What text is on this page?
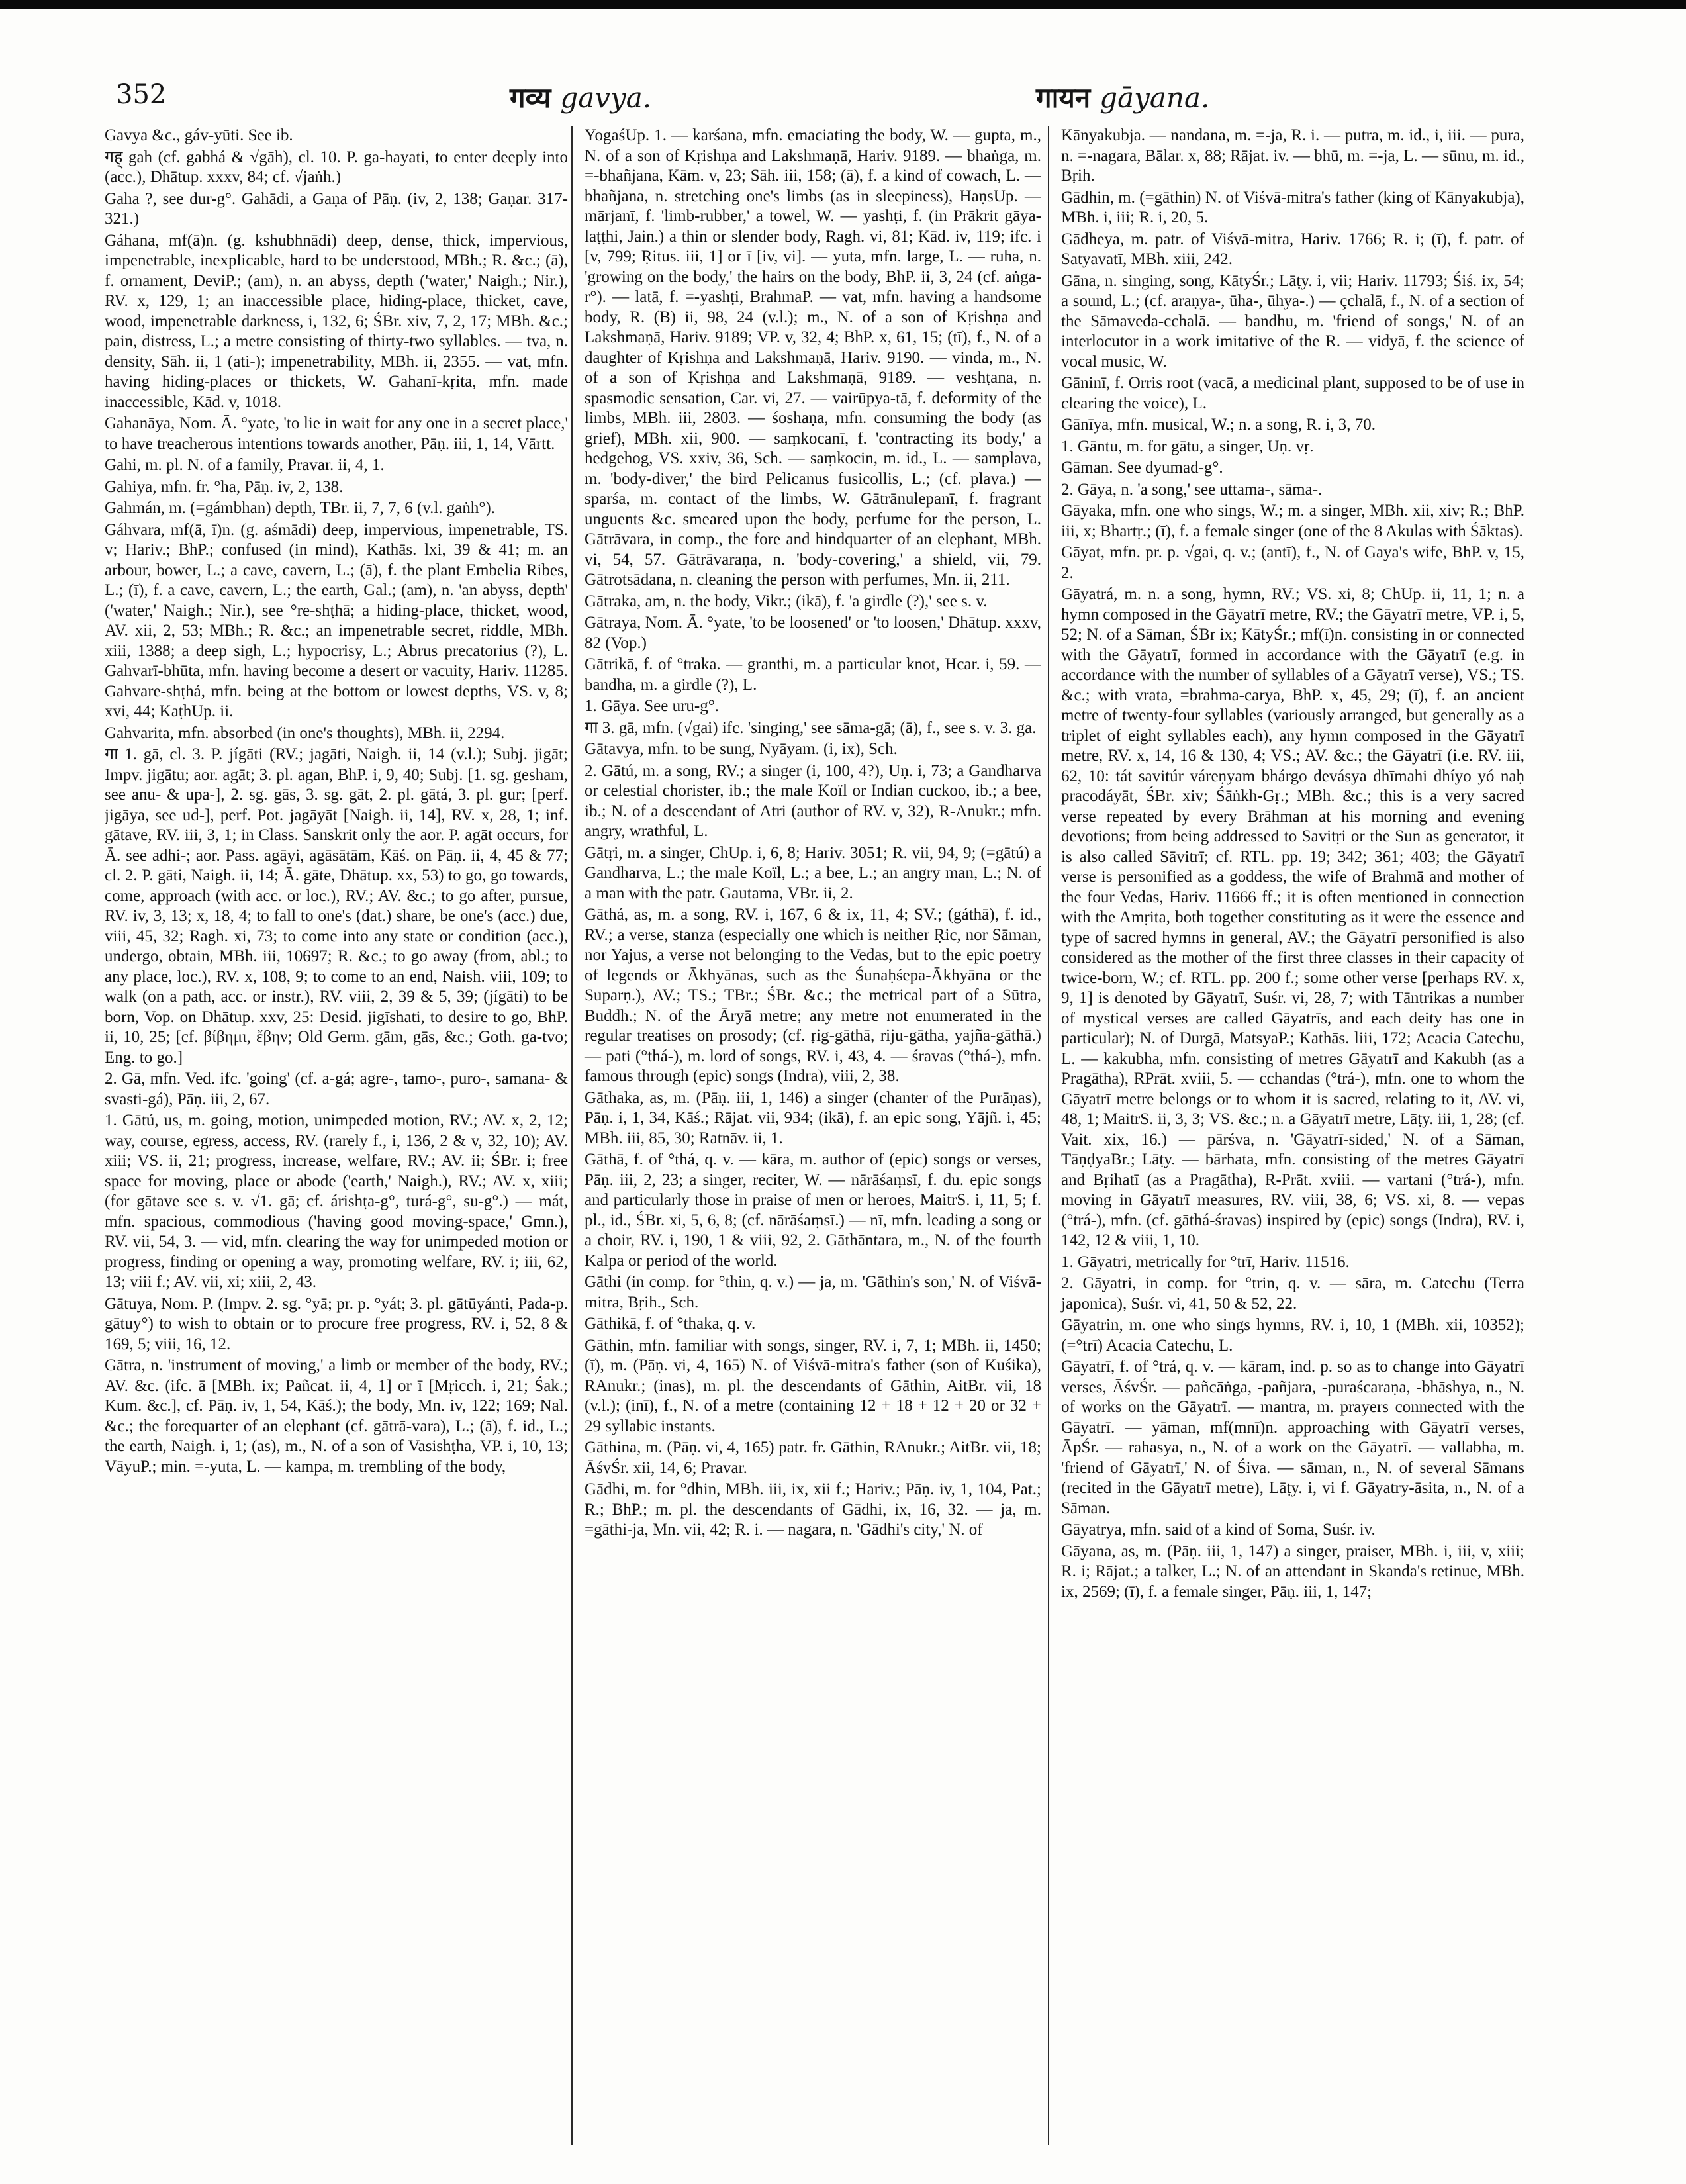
352	गव्य gavya.	गायन gāyana.

Gavya &c., gáv-yūti. See ib.

गह् gah (cf. gabhá & √gāh), cl. 10. P. ga-hayati, to enter deeply into (acc.), Dhātup. xxxv, 84; cf. √jaṅh.)

Gaha ?, see dur-g°. Gahādi, a Gaṇa of Pāṇ. (iv, 2, 138; Gaṇar. 317-321.)

Gáhana, mf(ā)n. (g. kshubhnādi) deep, dense, thick, impervious, impenetrable, inexplicable, hard to be understood, MBh.; R. &c.; (ā), f. ornament, DeviP.; (am), n. an abyss, depth ('water,' Naigh.; Nir.), RV. x, 129, 1; an inaccessible place, hiding-place, thicket, cave, wood, impenetrable darkness, i, 132, 6; ŚBr. xiv, 7, 2, 17; MBh. &c.; pain, distress, L.; a metre consisting of thirty-two syllables. — tva, n. density, Sāh. ii, 1 (ati-); impenetrability, MBh. ii, 2355. — vat, mfn. having hiding-places or thickets, W. Gahanī-kṛita, mfn. made inaccessible, Kād. v, 1018.

Gahanāya, Nom. Ā. °yate, 'to lie in wait for any one in a secret place,' to have treacherous intentions towards another, Pāṇ. iii, 1, 14, Vārtt.

Gahi, m. pl. N. of a family, Pravar. ii, 4, 1.

Gahiya, mfn. fr. °ha, Pāṇ. iv, 2, 138.

Gahmán, m. (=gámbhan) depth, TBr. ii, 7, 7, 6 (v.l. gaṅh°).

Gáhvara, mf(ā, ī)n. (g. aśmādi) deep, impervious, impenetrable, TS. v; Hariv.; BhP.; confused (in mind), Kathās. lxi, 39 & 41; m. an arbour, bower, L.; a cave, cavern, L.; (ā), f. the plant Embelia Ribes, L.; (ī), f. a cave, cavern, L.; the earth, Gal.; (am), n. 'an abyss, depth' ('water,' Naigh.; Nir.), see °re-shṭhā; a hiding-place, thicket, wood, AV. xii, 2, 53; MBh.; R. &c.; an impenetrable secret, riddle, MBh. xiii, 1388; a deep sigh, L.; hypocrisy, L.; Abrus precatorius (?), L. Gahvarī-bhūta, mfn. having become a desert or vacuity, Hariv. 11285. Gahvare-shṭhá, mfn. being at the bottom or lowest depths, VS. v, 8; xvi, 44; KaṭhUp. ii.

Gahvarita, mfn. absorbed (in one's thoughts), MBh. ii, 2294.

गा 1. gā, cl. 3. P. jígāti (RV.; jagāti, Naigh. ii, 14 (v.l.); Subj. jigāt; Impv. jigātu; aor. agāt; 3. pl. agan, BhP. i, 9, 40; Subj. [1. sg. gesham, see anu- & upa-], 2. sg. gās, 3. sg. gāt, 2. pl. gātá, 3. pl. gur; [perf. jigāya, see ud-], perf. Pot. jagāyāt [Naigh. ii, 14], RV. x, 28, 1; inf. gātave, RV. iii, 3, 1; in Class. Sanskrit only the aor. P. agāt occurs, for Ā. see adhi-; aor. Pass. agāyi, agāsātām, Kāś. on Pāṇ. ii, 4, 45 & 77; cl. 2. P. gāti, Naigh. ii, 14; Ā. gāte, Dhātup. xx, 53) to go, go towards, come, approach (with acc. or loc.), RV.; AV. &c.; to go after, pursue, RV. iv, 3, 13; x, 18, 4; to fall to one's (dat.) share, be one's (acc.) due, viii, 45, 32; Ragh. xi, 73; to come into any state or condition (acc.), undergo, obtain, MBh. iii, 10697; R. &c.; to go away (from, abl.; to any place, loc.), RV. x, 108, 9; to come to an end, Naish. viii, 109; to walk (on a path, acc. or instr.), RV. viii, 2, 39 & 5, 39; (jígāti) to be born, Vop. on Dhātup. xxv, 25: Desid. jigīshati, to desire to go, BhP. ii, 10, 25; [cf. βίβημι, ἔβην; Old Germ. gām, gās, &c.; Goth. ga-tvo; Eng. to go.]

2. Gā, mfn. Ved. ifc. 'going' (cf. a-gá; agre-, tamo-, puro-, samana- & svasti-gá), Pāṇ. iii, 2, 67.

1. Gātú, us, m. going, motion, unimpeded motion, RV.; AV. x, 2, 12; way, course, egress, access, RV. (rarely f., i, 136, 2 & v, 32, 10); AV. xiii; VS. ii, 21; progress, increase, welfare, RV.; AV. ii; ŚBr. i; free space for moving, place or abode ('earth,' Naigh.), RV.; AV. x, xiii; (for gātave see s. v. √1. gā; cf. árishṭa-g°, turá-g°, su-g°.) — mát, mfn. spacious, commodious ('having good moving-space,' Gmn.), RV. vii, 54, 3. — vid, mfn. clearing the way for unimpeded motion or progress, finding or opening a way, promoting welfare, RV. i; iii, 62, 13; viii f.; AV. vii, xi; xiii, 2, 43.

Gātuya, Nom. P. (Impv. 2. sg. °yā; pr. p. °yát; 3. pl. gātūyánti, Pada-p. gātuy°) to wish to obtain or to procure free progress, RV. i, 52, 8 & 169, 5; viii, 16, 12.

Gātra, n. 'instrument of moving,' a limb or member of the body, RV.; AV. &c. (ifc. ā [MBh. ix; Pañcat. ii, 4, 1] or ī [Mṛicch. i, 21; Śak.; Kum. &c.], cf. Pāṇ. iv, 1, 54, Kāś.); the body, Mn. iv, 122; 169; Nal. &c.; the forequarter of an elephant (cf. gātrā-vara), L.; (ā), f. id., L.; the earth, Naigh. i, 1; (as), m., N. of a son of Vasishṭha, VP. i, 10, 13; VāyuP.; min. =-yuta, L. — kampa, m. trembling of the body,

YogaśUp. 1. — karśana, mfn. emaciating the body, W. — gupta, m., N. of a son of Kṛishṇa and Lakshmaṇā, Hariv. 9189. — bhaṅga, m. =-bhañjana, Kām. v, 23; Sāh. iii, 158; (ā), f. a kind of cowach, L. — bhañjana, n. stretching one's limbs (as in sleepiness), HaṇsUp. — mārjanī, f. 'limb-rubber,' a towel, W. — yashṭi, f. (in Prākrit gāya-laṭṭhi, Jain.) a thin or slender body, Ragh. vi, 81; Kād. iv, 119; ifc. i [v, 799; Ṛitus. iii, 1] or ī [iv, vi]. — yuta, mfn. large, L. — ruha, n. 'growing on the body,' the hairs on the body, BhP. ii, 3, 24 (cf. aṅga-r°). — latā, f. =-yashṭi, BrahmaP. — vat, mfn. having a handsome body, R. (B) ii, 98, 24 (v.l.); m., N. of a son of Kṛishṇa and Lakshmaṇā, Hariv. 9189; VP. v, 32, 4; BhP. x, 61, 15; (tī), f., N. of a daughter of Kṛishṇa and Lakshmaṇā, Hariv. 9190. — vinda, m., N. of a son of Kṛishṇa and Lakshmaṇā, 9189. — veshṭana, n. spasmodic sensation, Car. vi, 27. — vairūpya-tā, f. deformity of the limbs, MBh. iii, 2803. — śoshaṇa, mfn. consuming the body (as grief), MBh. xii, 900. — saṃkocanī, f. 'contracting its body,' a hedgehog, VS. xxiv, 36, Sch. — saṃkocin, m. id., L. — samplava, m. 'body-diver,' the bird Pelicanus fusicollis, L.; (cf. plava.) — sparśa, m. contact of the limbs, W. Gātrānulepanī, f. fragrant unguents &c. smeared upon the body, perfume for the person, L. Gātrāvara, in comp., the fore and hindquarter of an elephant, MBh. vi, 54, 57. Gātrāvaraṇa, n. 'body-covering,' a shield, vii, 79. Gātrotsādana, n. cleaning the person with perfumes, Mn. ii, 211.

Gātraka, am, n. the body, Vikr.; (ikā), f. 'a girdle (?),' see s. v.

Gātraya, Nom. Ā. °yate, 'to be loosened' or 'to loosen,' Dhātup. xxxv, 82 (Vop.)

Gātrikā, f. of °traka. — granthi, m. a particular knot, Hcar. i, 59. — bandha, m. a girdle (?), L.

1. Gāya. See uru-g°.

गा 3. gā, mfn. (√gai) ifc. 'singing,' see sāma-gā; (ā), f., see s. v. 3. ga.

Gātavya, mfn. to be sung, Nyāyam. (i, ix), Sch.

2. Gātú, m. a song, RV.; a singer (i, 100, 4?), Uṇ. i, 73; a Gandharva or celestial chorister, ib.; the male Koïl or Indian cuckoo, ib.; a bee, ib.; N. of a descendant of Atri (author of RV. v, 32), R-Anukr.; mfn. angry, wrathful, L.

Gātṛi, m. a singer, ChUp. i, 6, 8; Hariv. 3051; R. vii, 94, 9; (=gātú) a Gandharva, L.; the male Koïl, L.; a bee, L.; an angry man, L.; N. of a man with the patr. Gautama, VBr. ii, 2.

Gāthá, as, m. a song, RV. i, 167, 6 & ix, 11, 4; SV.; (gáthā), f. id., RV.; a verse, stanza (especially one which is neither Ṛic, nor Sāman, nor Yajus, a verse not belonging to the Vedas, but to the epic poetry of legends or Ākhyānas, such as the Śunaḥśepa-Ākhyāna or the Suparṇ.), AV.; TS.; TBr.; ŚBr. &c.; the metrical part of a Sūtra, Buddh.; N. of the Āryā metre; any metre not enumerated in the regular treatises on prosody; (cf. ṛig-gāthā, riju-gātha, yajña-gāthā.) — pati (°thá-), m. lord of songs, RV. i, 43, 4. — śravas (°thá-), mfn. famous through (epic) songs (Indra), viii, 2, 38.

Gāthaka, as, m. (Pāṇ. iii, 1, 146) a singer (chanter of the Purāṇas), Pāṇ. i, 1, 34, Kāś.; Rājat. vii, 934; (ikā), f. an epic song, Yājñ. i, 45; MBh. iii, 85, 30; Ratnāv. ii, 1.

Gāthā, f. of °thá, q. v. — kāra, m. author of (epic) songs or verses, Pāṇ. iii, 2, 23; a singer, reciter, W. — nārāśaṃsī, f. du. epic songs and particularly those in praise of men or heroes, MaitrS. i, 11, 5; f. pl., id., ŚBr. xi, 5, 6, 8; (cf. nārāśaṃsī.) — nī, mfn. leading a song or a choir, RV. i, 190, 1 & viii, 92, 2. Gāthāntara, m., N. of the fourth Kalpa or period of the world.

Gāthi (in comp. for °thin, q. v.) — ja, m. 'Gāthin's son,' N. of Viśvā-mitra, Bṛih., Sch.

Gāthikā, f. of °thaka, q. v.

Gāthin, mfn. familiar with songs, singer, RV. i, 7, 1; MBh. ii, 1450; (ī), m. (Pāṇ. vi, 4, 165) N. of Viśvā-mitra's father (son of Kuśika), RAnukr.; (inas), m. pl. the descendants of Gāthin, AitBr. vii, 18 (v.l.); (inī), f., N. of a metre (containing 12 + 18 + 12 + 20 or 32 + 29 syllabic instants.

Gāthina, m. (Pāṇ. vi, 4, 165) patr. fr. Gāthin, RAnukr.; AitBr. vii, 18; ĀśvŚr. xii, 14, 6; Pravar.

Gādhi, m. for °dhin, MBh. iii, ix, xii f.; Hariv.; Pāṇ. iv, 1, 104, Pat.; R.; BhP.; m. pl. the descendants of Gādhi, ix, 16, 32. — ja, m. =gāthi-ja, Mn. vii, 42; R. i. — nagara, n. 'Gādhi's city,' N. of

Kānyakubja. — nandana, m. =-ja, R. i. — putra, m. id., i, iii. — pura, n. =-nagara, Bālar. x, 88; Rājat. iv. — bhū, m. =-ja, L. — sūnu, m. id., Bṛih.

Gādhin, m. (=gāthin) N. of Viśvā-mitra's father (king of Kānyakubja), MBh. i, iii; R. i, 20, 5.

Gādheya, m. patr. of Viśvā-mitra, Hariv. 1766; R. i; (ī), f. patr. of Satyavatī, MBh. xiii, 242.

Gāna, n. singing, song, KātyŚr.; Lāṭy. i, vii; Hariv. 11793; Śiś. ix, 54; a sound, L.; (cf. araṇya-, ūha-, ūhya-.) — çchalā, f., N. of a section of the Sāmaveda-cchalā. — bandhu, m. 'friend of songs,' N. of an interlocutor in a work imitative of the R. — vidyā, f. the science of vocal music, W.

Gāninī, f. Orris root (vacā, a medicinal plant, supposed to be of use in clearing the voice), L.

Gānīya, mfn. musical, W.; n. a song, R. i, 3, 70.

1. Gāntu, m. for gātu, a singer, Uṇ. vṛ.

Gāman. See dyumad-g°.

2. Gāya, n. 'a song,' see uttama-, sāma-.

Gāyaka, mfn. one who sings, W.; m. a singer, MBh. xii, xiv; R.; BhP. iii, x; Bhartṛ.; (ī), f. a female singer (one of the 8 Akulas with Śāktas).

Gāyat, mfn. pr. p. √gai, q. v.; (antī), f., N. of Gaya's wife, BhP. v, 15, 2.

Gāyatrá, m. n. a song, hymn, RV.; VS. xi, 8; ChUp. ii, 11, 1; n. a hymn composed in the Gāyatrī metre, RV.; the Gāyatrī metre, VP. i, 5, 52; N. of a Sāman, ŚBr ix; KātyŚr.; mf(ī)n. consisting in or connected with the Gāyatrī, formed in accordance with the Gāyatrī (e.g. in accordance with the number of syllables of a Gāyatrī verse), VS.; TS. &c.; with vrata, =brahma-carya, BhP. x, 45, 29; (ī), f. an ancient metre of twenty-four syllables (variously arranged, but generally as a triplet of eight syllables each), any hymn composed in the Gāyatrī metre, RV. x, 14, 16 & 130, 4; VS.; AV. &c.; the Gāyatrī (i.e. RV. iii, 62, 10: tát savitúr váreṇyam bhárgo devásya dhīmahi dhíyo yó naḥ pracodáyāt, ŚBr. xiv; Śāṅkh-Gṛ.; MBh. &c.; this is a very sacred verse repeated by every Brāhman at his morning and evening devotions; from being addressed to Savitṛi or the Sun as generator, it is also called Sāvitrī; cf. RTL. pp. 19; 342; 361; 403; the Gāyatrī verse is personified as a goddess, the wife of Brahmā and mother of the four Vedas, Hariv. 11666 ff.; it is often mentioned in connection with the Amṛita, both together constituting as it were the essence and type of sacred hymns in general, AV.; the Gāyatrī personified is also considered as the mother of the first three classes in their capacity of twice-born, W.; cf. RTL. pp. 200 f.; some other verse [perhaps RV. x, 9, 1] is denoted by Gāyatrī, Suśr. vi, 28, 7; with Tāntrikas a number of mystical verses are called Gāyatrīs, and each deity has one in particular); N. of Durgā, MatsyaP.; Kathās. liii, 172; Acacia Catechu, L. — kakubha, mfn. consisting of metres Gāyatrī and Kakubh (as a Pragātha), RPrāt. xviii, 5. — cchandas (°trá-), mfn. one to whom the Gāyatrī metre belongs or to whom it is sacred, relating to it, AV. vi, 48, 1; MaitrS. ii, 3, 3; VS. &c.; n. a Gāyatrī metre, Lāṭy. iii, 1, 28; (cf. Vait. xix, 16.) — pārśva, n. 'Gāyatrī-sided,' N. of a Sāman, TāṇḍyaBr.; Lāṭy. — bārhata, mfn. consisting of the metres Gāyatrī and Bṛihatī (as a Pragātha), R-Prāt. xviii. — vartani (°trá-), mfn. moving in Gāyatrī measures, RV. viii, 38, 6; VS. xi, 8. — vepas (°trá-), mfn. (cf. gāthá-śravas) inspired by (epic) songs (Indra), RV. i, 142, 12 & viii, 1, 10.

1. Gāyatri, metrically for °trī, Hariv. 11516.

2. Gāyatri, in comp. for °trin, q. v. — sāra, m. Catechu (Terra japonica), Suśr. vi, 41, 50 & 52, 22.

Gāyatrin, m. one who sings hymns, RV. i, 10, 1 (MBh. xii, 10352); (=°trī) Acacia Catechu, L.

Gāyatrī, f. of °trá, q. v. — kāram, ind. p. so as to change into Gāyatrī verses, ĀśvŚr. — pañcāṅga, -pañjara, -puraścaraṇa, -bhāshya, n., N. of works on the Gāyatrī. — mantra, m. prayers connected with the Gāyatrī. — yāman, mf(mnī)n. approaching with Gāyatrī verses, ĀpŚr. — rahasya, n., N. of a work on the Gāyatrī. — vallabha, m. 'friend of Gāyatrī,' N. of Śiva. — sāman, n., N. of several Sāmans (recited in the Gāyatrī metre), Lāṭy. i, vi f. Gāyatry-āsita, n., N. of a Sāman.

Gāyatrya, mfn. said of a kind of Soma, Suśr. iv.

Gāyana, as, m. (Pāṇ. iii, 1, 147) a singer, praiser, MBh. i, iii, v, xiii; R. i; Rājat.; a talker, L.; N. of an attendant in Skanda's retinue, MBh. ix, 2569; (ī), f. a female singer, Pāṇ. iii, 1, 147;
